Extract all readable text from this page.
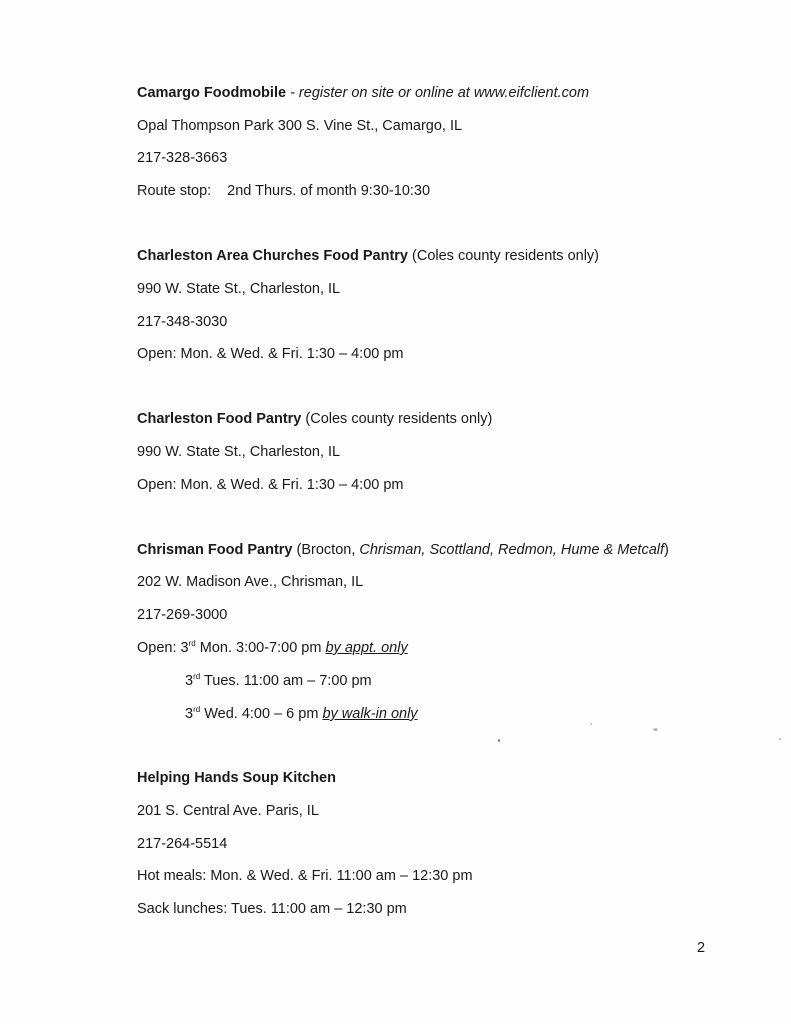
Camargo Foodmobile - register on site or online at www.eifclient.com
Opal Thompson Park 300 S. Vine St., Camargo, IL
217-328-3663
Route stop: 2nd Thurs. of month 9:30-10:30
Charleston Area Churches Food Pantry (Coles county residents only)
990 W. State St., Charleston, IL
217-348-3030
Open: Mon. & Wed. & Fri. 1:30 – 4:00 pm
Charleston Food Pantry (Coles county residents only)
990 W. State St., Charleston, IL
Open: Mon. & Wed. & Fri. 1:30 – 4:00 pm
Chrisman Food Pantry (Brocton, Chrisman, Scottland, Redmon, Hume & Metcalf)
202 W. Madison Ave., Chrisman, IL
217-269-3000
Open: 3rd Mon. 3:00-7:00 pm by appt. only
3rd Tues. 11:00 am – 7:00 pm
3rd Wed. 4:00 – 6 pm by walk-in only
Helping Hands Soup Kitchen
201 S. Central Ave. Paris, IL
217-264-5514
Hot meals: Mon. & Wed. & Fri. 11:00 am – 12:30 pm
Sack lunches: Tues. 11:00 am – 12:30 pm
2
